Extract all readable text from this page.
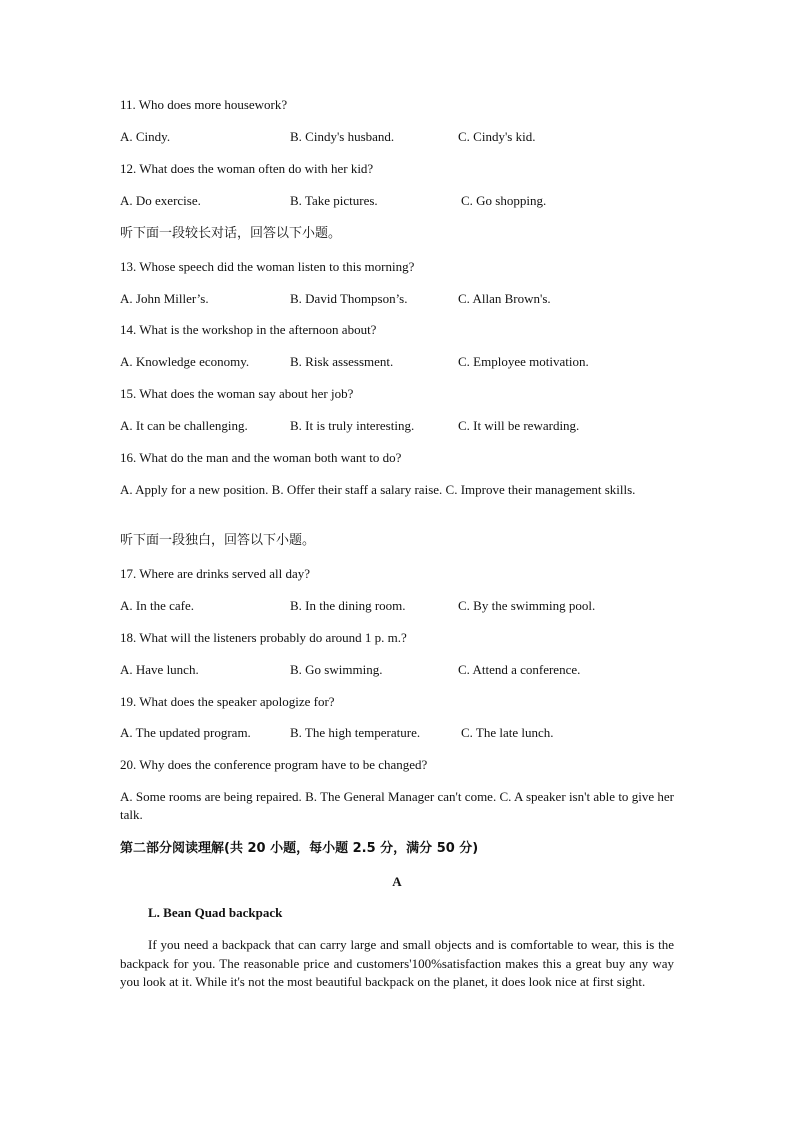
11. Who does more housework?
A. Cindy.	B. Cindy's husband.	C. Cindy's kid.
12. What does the woman often do with her kid?
A. Do exercise.	B. Take pictures.	C. Go shopping.
听下面一段较长对话，回答以下小题。
13. Whose speech did the woman listen to this morning?
A. John Miller’s.	B. David Thompson’s.	C. Allan Brown's.
14. What is the workshop in the afternoon about?
A. Knowledge economy.	B. Risk assessment.	C. Employee motivation.
15. What does the woman say about her job?
A. It can be challenging.	B. It is truly interesting.	C. It will be rewarding.
16. What do the man and the woman both want to do?
A. Apply for a new position. B. Offer their staff a salary raise. C. Improve their management skills.
听下面一段独白，回答以下小题。
17. Where are drinks served all day?
A. In the cafe.	B. In the dining room.	C. By the swimming pool.
18. What will the listeners probably do around 1 p. m.?
A. Have lunch.	B. Go swimming.	C. Attend a conference.
19. What does the speaker apologize for?
A. The updated program.	B. The high temperature.	C. The late lunch.
20. Why does the conference program have to be changed?
A. Some rooms are being repaired. B. The General Manager can't come. C. A speaker isn't able to give her talk.
第二部分阅读理解(共 20 小题，每小题 2.5 分，满分 50 分)
A
L. Bean Quad backpack
If you need a backpack that can carry large and small objects and is comfortable to wear, this is the backpack for you. The reasonable price and customers'100%satisfaction makes this a great buy any way you look at it. While it's not the most beautiful backpack on the planet, it does look nice at first sight.
